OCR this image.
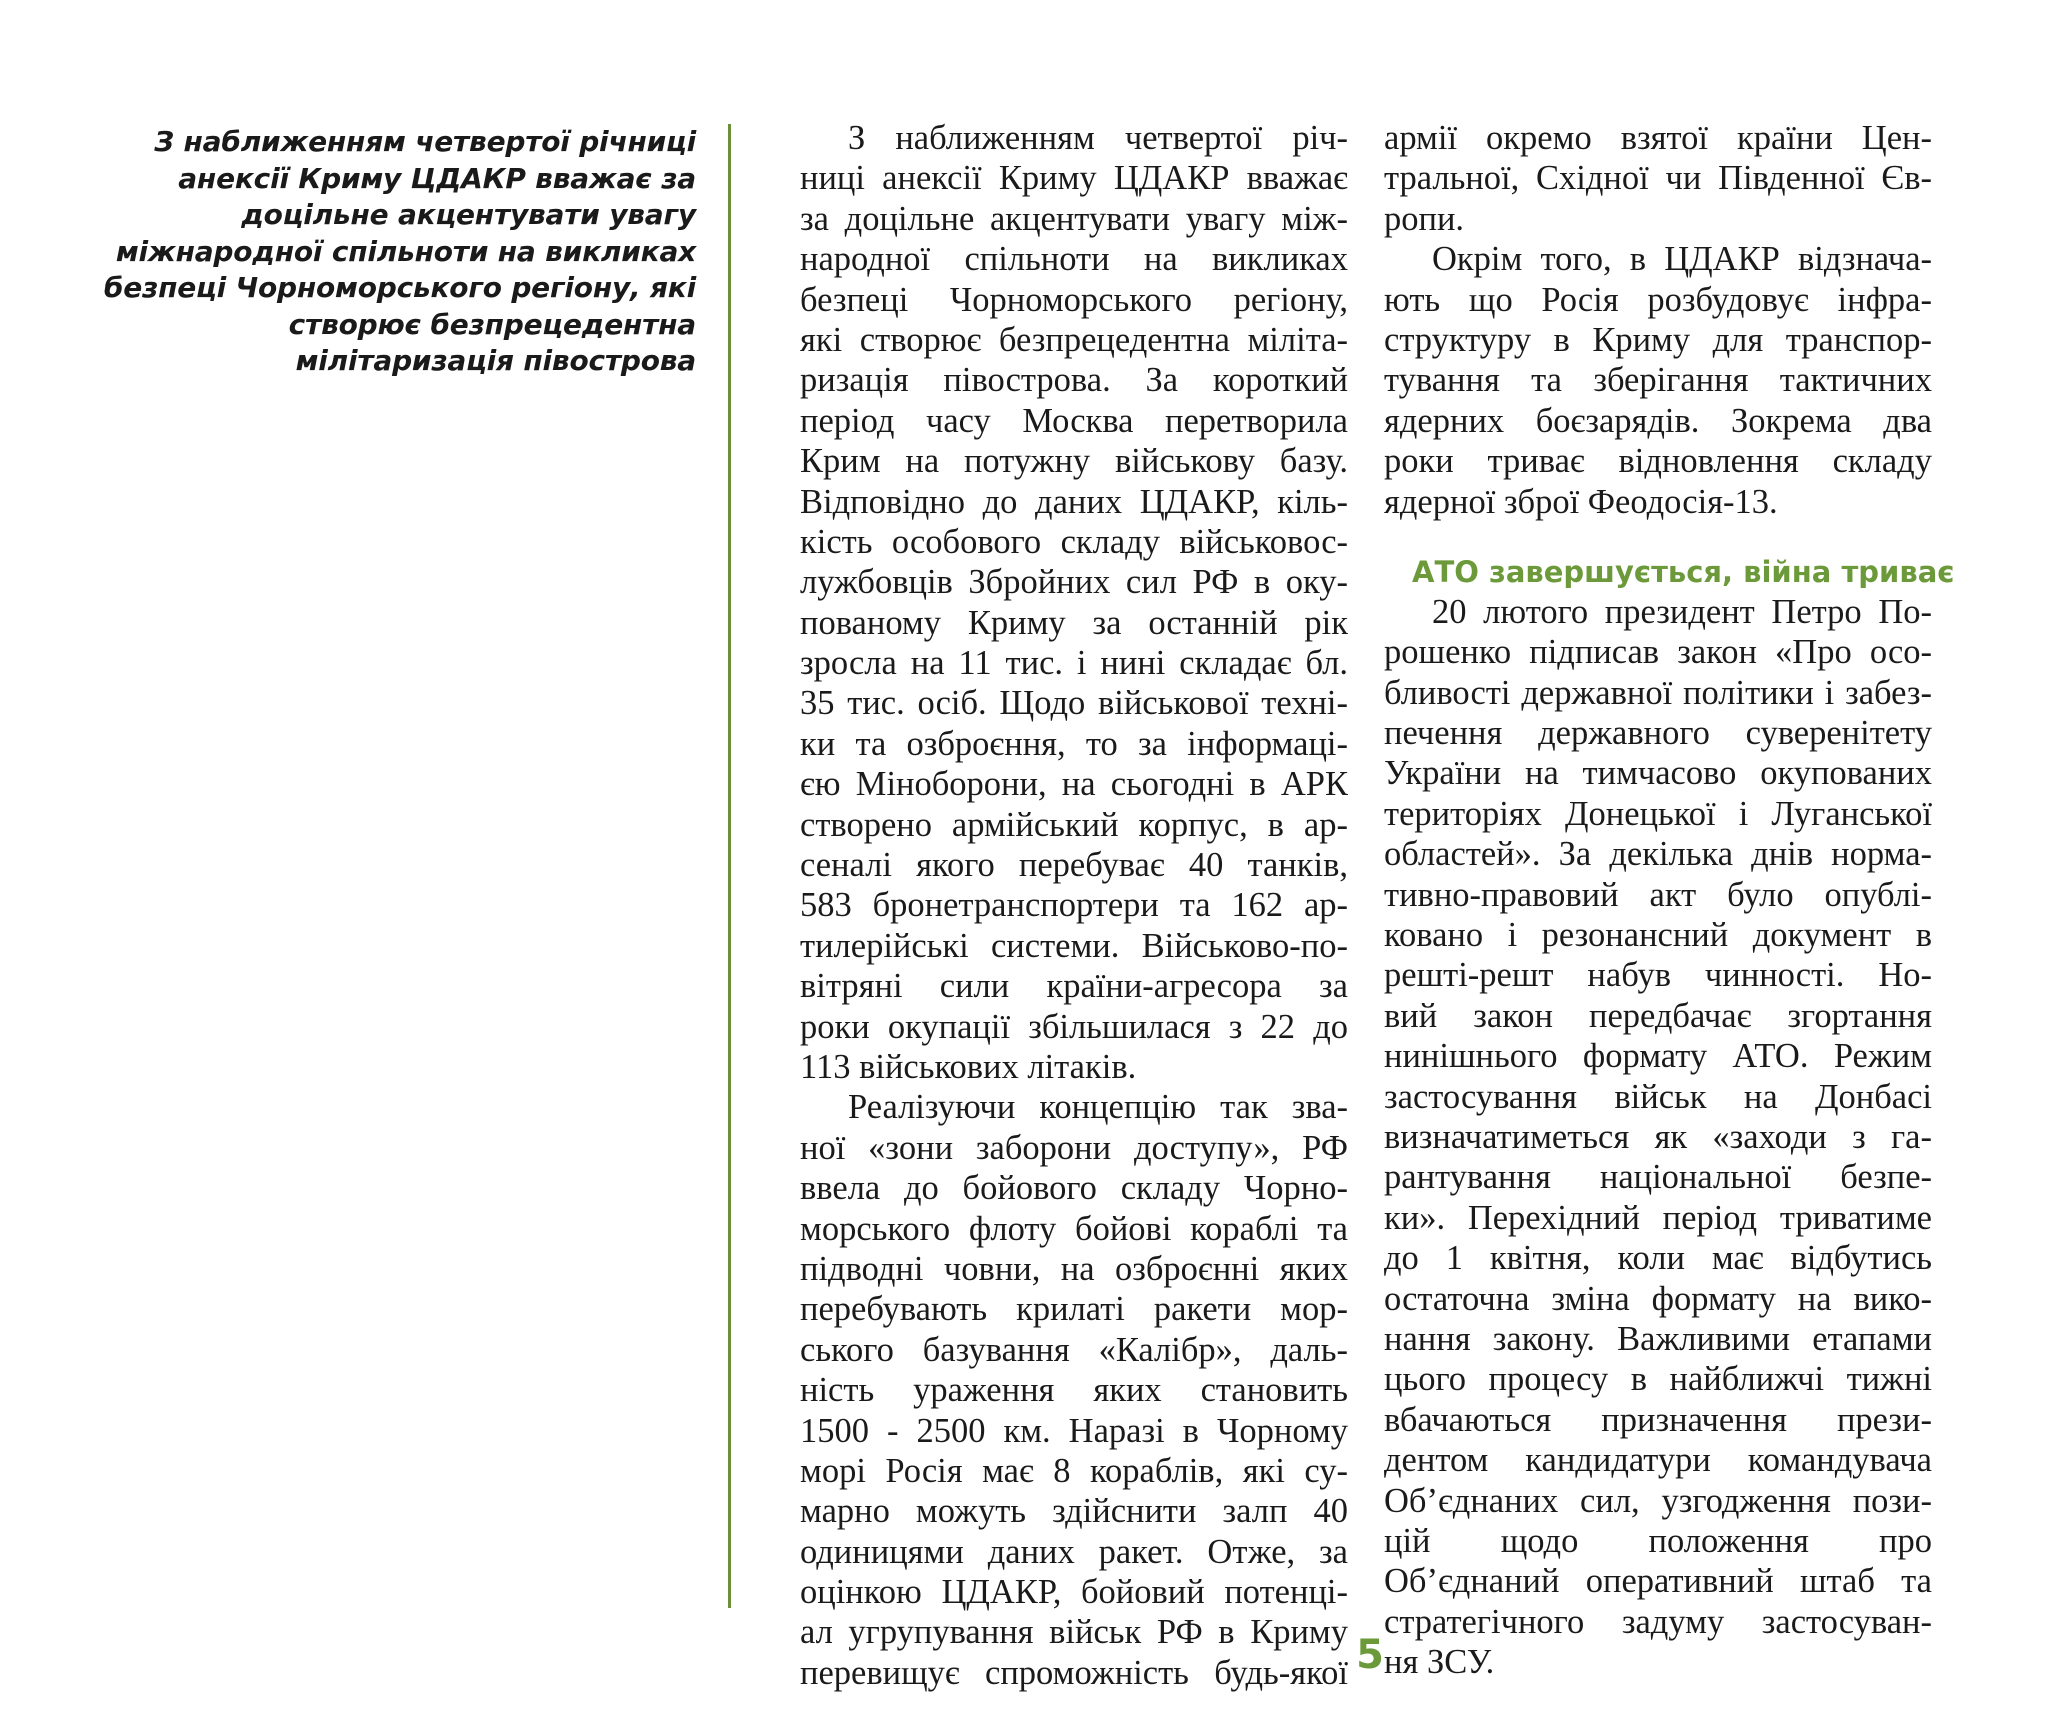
З наближенням четвертої річниці
анексії Криму ЦДАКР вважає за
доцільне акцентувати увагу
міжнародної спільноти на викликах
безпеці Чорноморського регіону, які
створює безпрецедентна
мілітаризація півострова
З наближенням четвертої річ-
ниці анексії Криму ЦДАКР вважає
за доцільне акцентувати увагу між-
народної спільноти на викликах
безпеці Чорноморського регіону,
які створює безпрецедентна мiлiта-
ризація півострова. За короткий
період часу Москва перетворила
Крим на потужну військову базу.
Відповідно до даних ЦДАКР, кіль-
кість особового складу військовос-
лужбовців Збройних сил РФ в оку-
пованому Криму за останній рік
зросла на 11 тис. і нині складає бл.
35 тис. осіб. Щодо військової техні-
ки та озброєння, то за інформаці-
єю Міноборони, на сьогодні в АРК
створено армійський корпус, в ар-
сеналі якого перебуває 40 танків,
583 бронетранспортери та 162 ар-
тилерійські системи. Військово-по-
вітряні сили країни-агресора за
роки окупації збільшилася з 22 до
113 військових літаків.
Реалізуючи концепцію так зва-
ної «зони заборони доступу», РФ
ввела до бойового складу Чорно-
морського флоту бойові кораблі та
підводні човни, на озброєнні яких
перебувають крилаті ракети мор-
ського базування «Калібр», даль-
ність ураження яких становить
1500 - 2500 км. Наразі в Чорному
морі Росія має 8 кораблів, які су-
марно можуть здійснити залп 40
одиницями даних ракет. Отже, за
оцінкою ЦДАКР, бойовий потенці-
ал угрупування військ РФ в Криму
перевищує спроможність будь-якої
армії окремо взятої країни Цен-
тральної, Східної чи Південної Єв-
ропи.
Окрім того, в ЦДАКР відзнача-
ють що Росія розбудовує інфра-
структуру в Криму для транспор-
тування та зберігання тактичних
ядерних боєзарядів. Зокрема два
роки триває відновлення складу
ядерної зброї Феодосія-13.
АТО завершується, війна триває
20 лютого президент Петро По-
рошенко підписав закон «Про осо-
бливості державної політики і забез-
печення державного суверенітету
України на тимчасово окупованих
територіях Донецької і Луганської
областей». За декілька днів норма-
тивно-правовий акт було опублі-
ковано і резонансний документ в
решті-решт набув чинності. Но-
вий закон передбачає згортання
нинішнього формату АТО. Режим
застосування військ на Донбасі
визначатиметься як «заходи з га-
рантування національної безпе-
ки». Перехідний період триватиме
до 1 квітня, коли має відбутись
остаточна зміна формату на вико-
нання закону. Важливими етапами
цього процесу в найближчі тижні
вбачаються призначення прези-
дентом кандидатури командувача
Об’єднаних сил, узгодження пози-
цій щодо положення про
Об’єднаний оперативний штаб та
стратегічного задуму застосуван-
ня ЗСУ.
5
